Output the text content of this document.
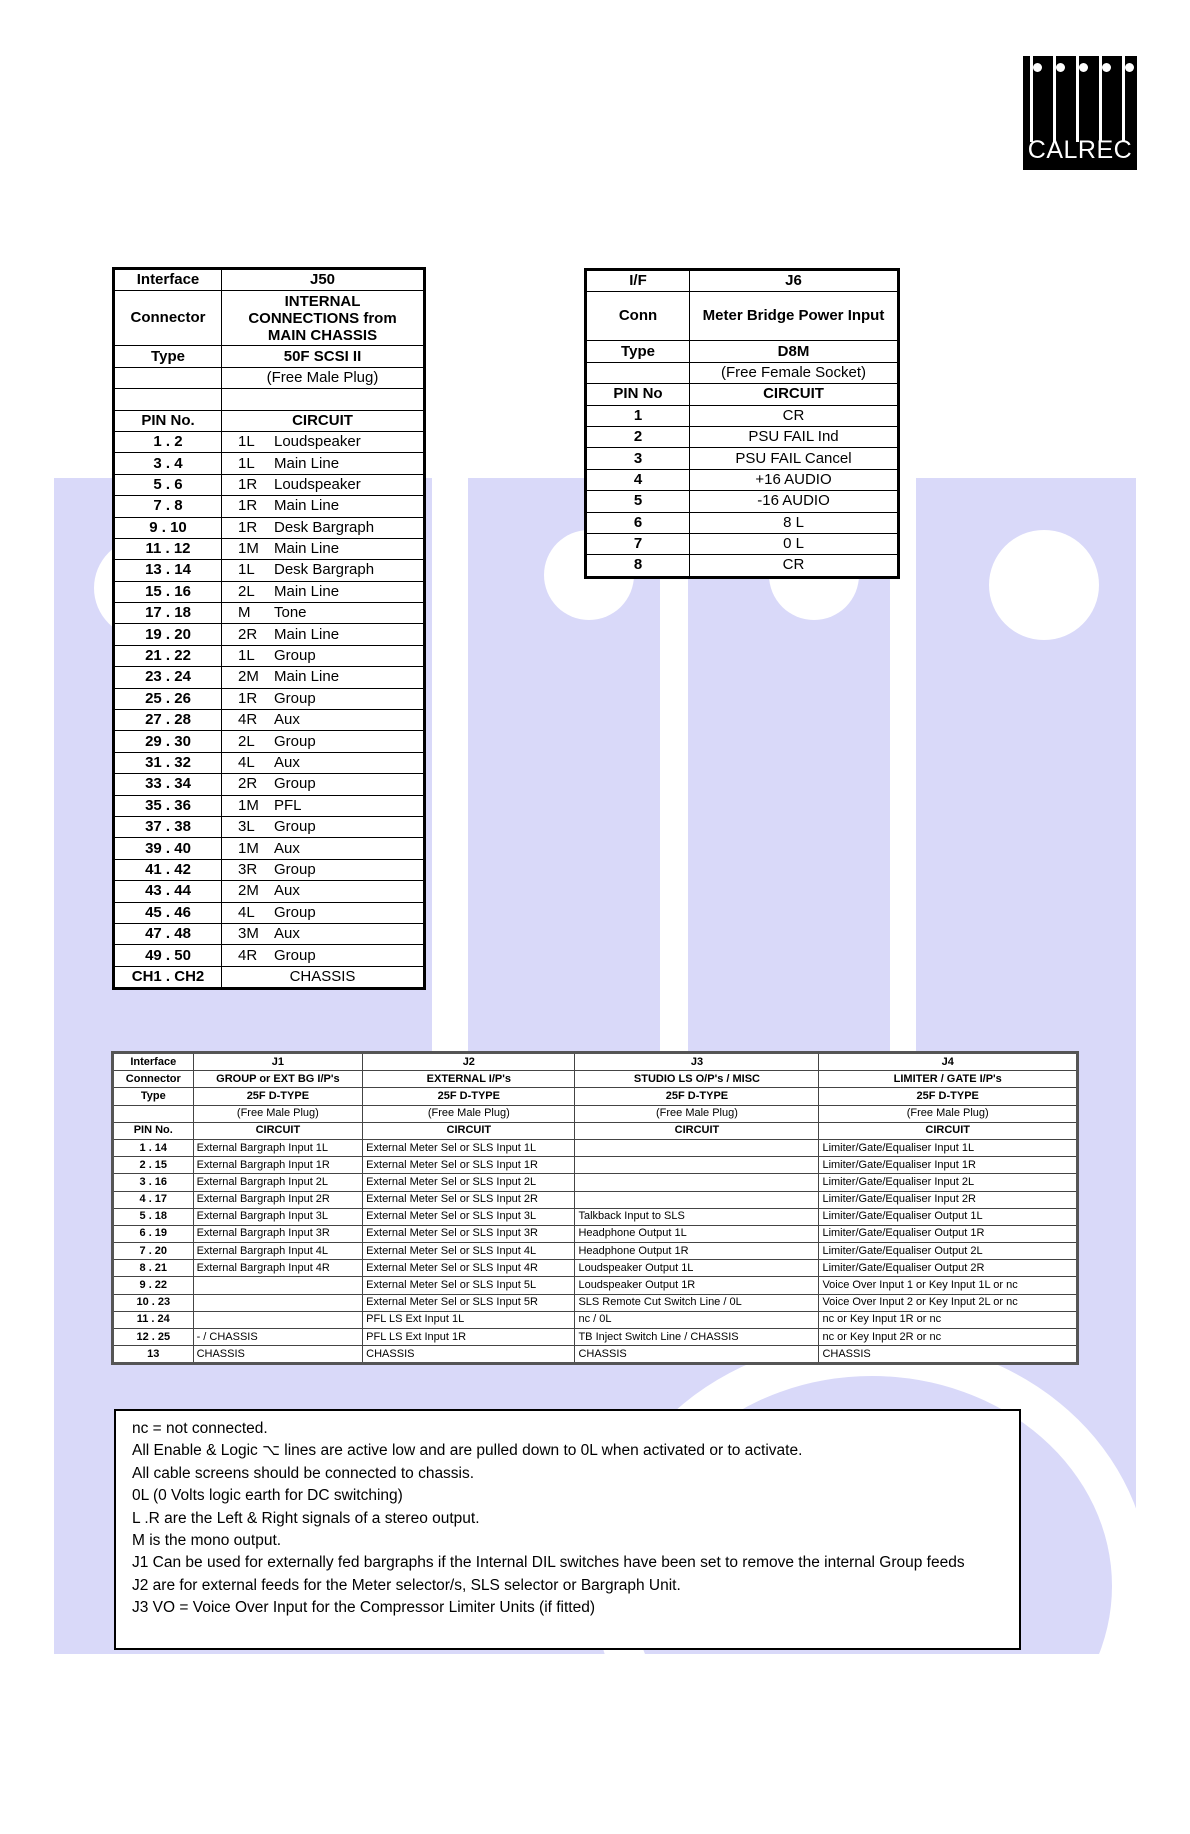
CALREC
Interface	J50
Connector	INTERNAL CONNECTIONS from MAIN CHASSIS
Type	50F SCSI II
	(Free Male Plug)

PIN No.	CIRCUIT
1 . 2	1L Loudspeaker
3 . 4	1L Main Line
5 . 6	1R Loudspeaker
7 . 8	1R Main Line
9 . 10	1R Desk Bargraph
11 . 12	1M Main Line
13 . 14	1L Desk Bargraph
15 . 16	2L Main Line
17 . 18	M Tone
19 . 20	2R Main Line
21 . 22	1L Group
23 . 24	2M Main Line
25 . 26	1R Group
27 . 28	4R Aux
29 . 30	2L Group
31 . 32	4L Aux
33 . 34	2R Group
35 . 36	1M PFL
37 . 38	3L Group
39 . 40	1M Aux
41 . 42	3R Group
43 . 44	2M Aux
45 . 46	4L Group
47 . 48	3M Aux
49 . 50	4R Group
CH1 . CH2	CHASSIS
I/F	J6
Conn	Meter Bridge Power Input
Type	D8M
	(Free Female Socket)
PIN No	CIRCUIT
1	CR
2	PSU FAIL Ind
3	PSU FAIL Cancel
4	+16 AUDIO
5	-16 AUDIO
6	8 L
7	0 L
8	CR
Interface	J1	J2	J3	J4
Connector	GROUP or EXT BG I/P's	EXTERNAL I/P's	STUDIO LS O/P's / MISC	LIMITER / GATE I/P's
Type	25F D-TYPE	25F D-TYPE	25F D-TYPE	25F D-TYPE
	(Free Male Plug)	(Free Male Plug)	(Free Male Plug)	(Free Male Plug)
PIN No.	CIRCUIT	CIRCUIT	CIRCUIT	CIRCUIT
1 . 14	External Bargraph Input 1L	External Meter Sel or SLS Input 1L		Limiter/Gate/Equaliser Input 1L
2 . 15	External Bargraph Input 1R	External Meter Sel or SLS Input 1R		Limiter/Gate/Equaliser Input 1R
3 . 16	External Bargraph Input 2L	External Meter Sel or SLS Input 2L		Limiter/Gate/Equaliser Input 2L
4 . 17	External Bargraph Input 2R	External Meter Sel or SLS Input 2R		Limiter/Gate/Equaliser Input 2R
5 . 18	External Bargraph Input 3L	External Meter Sel or SLS Input 3L	Talkback Input to SLS	Limiter/Gate/Equaliser Output 1L
6 . 19	External Bargraph Input 3R	External Meter Sel or SLS Input 3R	Headphone Output 1L	Limiter/Gate/Equaliser Output 1R
7 . 20	External Bargraph Input 4L	External Meter Sel or SLS Input 4L	Headphone Output 1R	Limiter/Gate/Equaliser Output 2L
8 . 21	External Bargraph Input 4R	External Meter Sel or SLS Input 4R	Loudspeaker Output 1L	Limiter/Gate/Equaliser Output 2R
9 . 22		External Meter Sel or SLS Input 5L	Loudspeaker Output 1R	Voice Over Input 1 or Key Input 1L or nc
10 . 23		External Meter Sel or SLS Input 5R	SLS Remote Cut Switch Line / 0L	Voice Over Input 2 or Key Input 2L or nc
11 . 24		PFL LS Ext Input 1L	nc / 0L	nc or Key Input 1R or nc
12 . 25	- / CHASSIS	PFL LS Ext Input 1R	TB Inject Switch Line / CHASSIS	nc or Key Input 2R or nc
13	CHASSIS	CHASSIS	CHASSIS	CHASSIS
nc = not connected.
All Enable & Logic ⌥ lines are active low and are pulled down to 0L when activated or to activate.
All cable screens should be connected to chassis.
0L (0 Volts logic earth for DC switching)
L .R are the Left & Right signals of a stereo output.
M is the mono output.
J1 Can be used for externally fed bargraphs if the Internal DIL switches have been set to remove the internal Group feeds
J2 are for external feeds for the Meter selector/s, SLS selector or Bargraph Unit.
J3 VO = Voice Over Input for the Compressor Limiter Units (if fitted)
